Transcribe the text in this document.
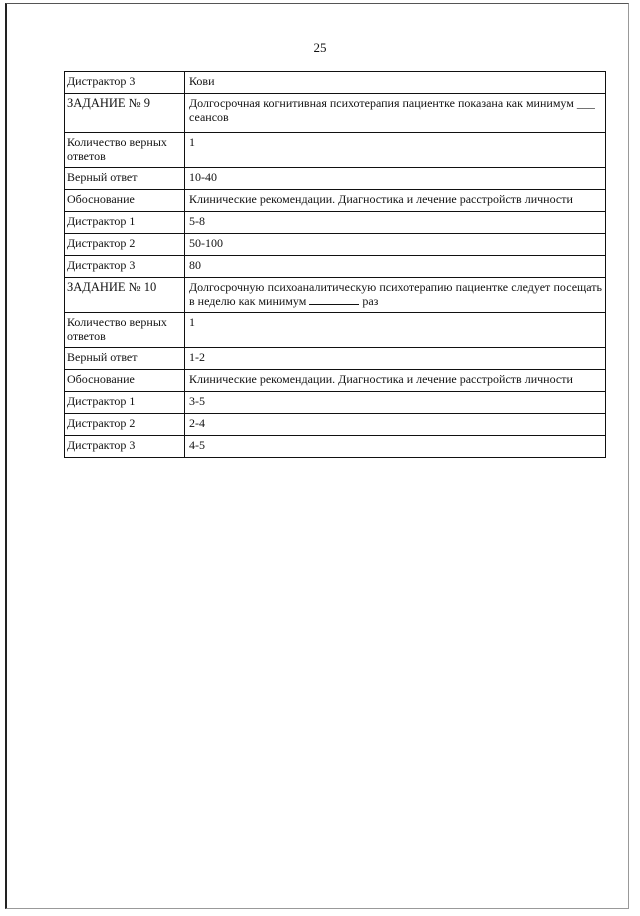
25
Дистрактор 3	Кови
ЗАДАНИЕ № 9	Долгосрочная когнитивная психотерапия пациентке показана как минимум ___ сеансов
Количество верных ответов	1
Верный ответ	10-40
Обоснование	Клинические рекомендации. Диагностика и лечение расстройств личности
Дистрактор 1	5-8
Дистрактор 2	50-100
Дистрактор 3	80
ЗАДАНИЕ № 10	Долгосрочную психоаналитическую психотерапию пациентке следует посещать в неделю как минимум раз
Количество верных ответов	1
Верный ответ	1-2
Обоснование	Клинические рекомендации. Диагностика и лечение расстройств личности
Дистрактор 1	3-5
Дистрактор 2	2-4
Дистрактор 3	4-5
